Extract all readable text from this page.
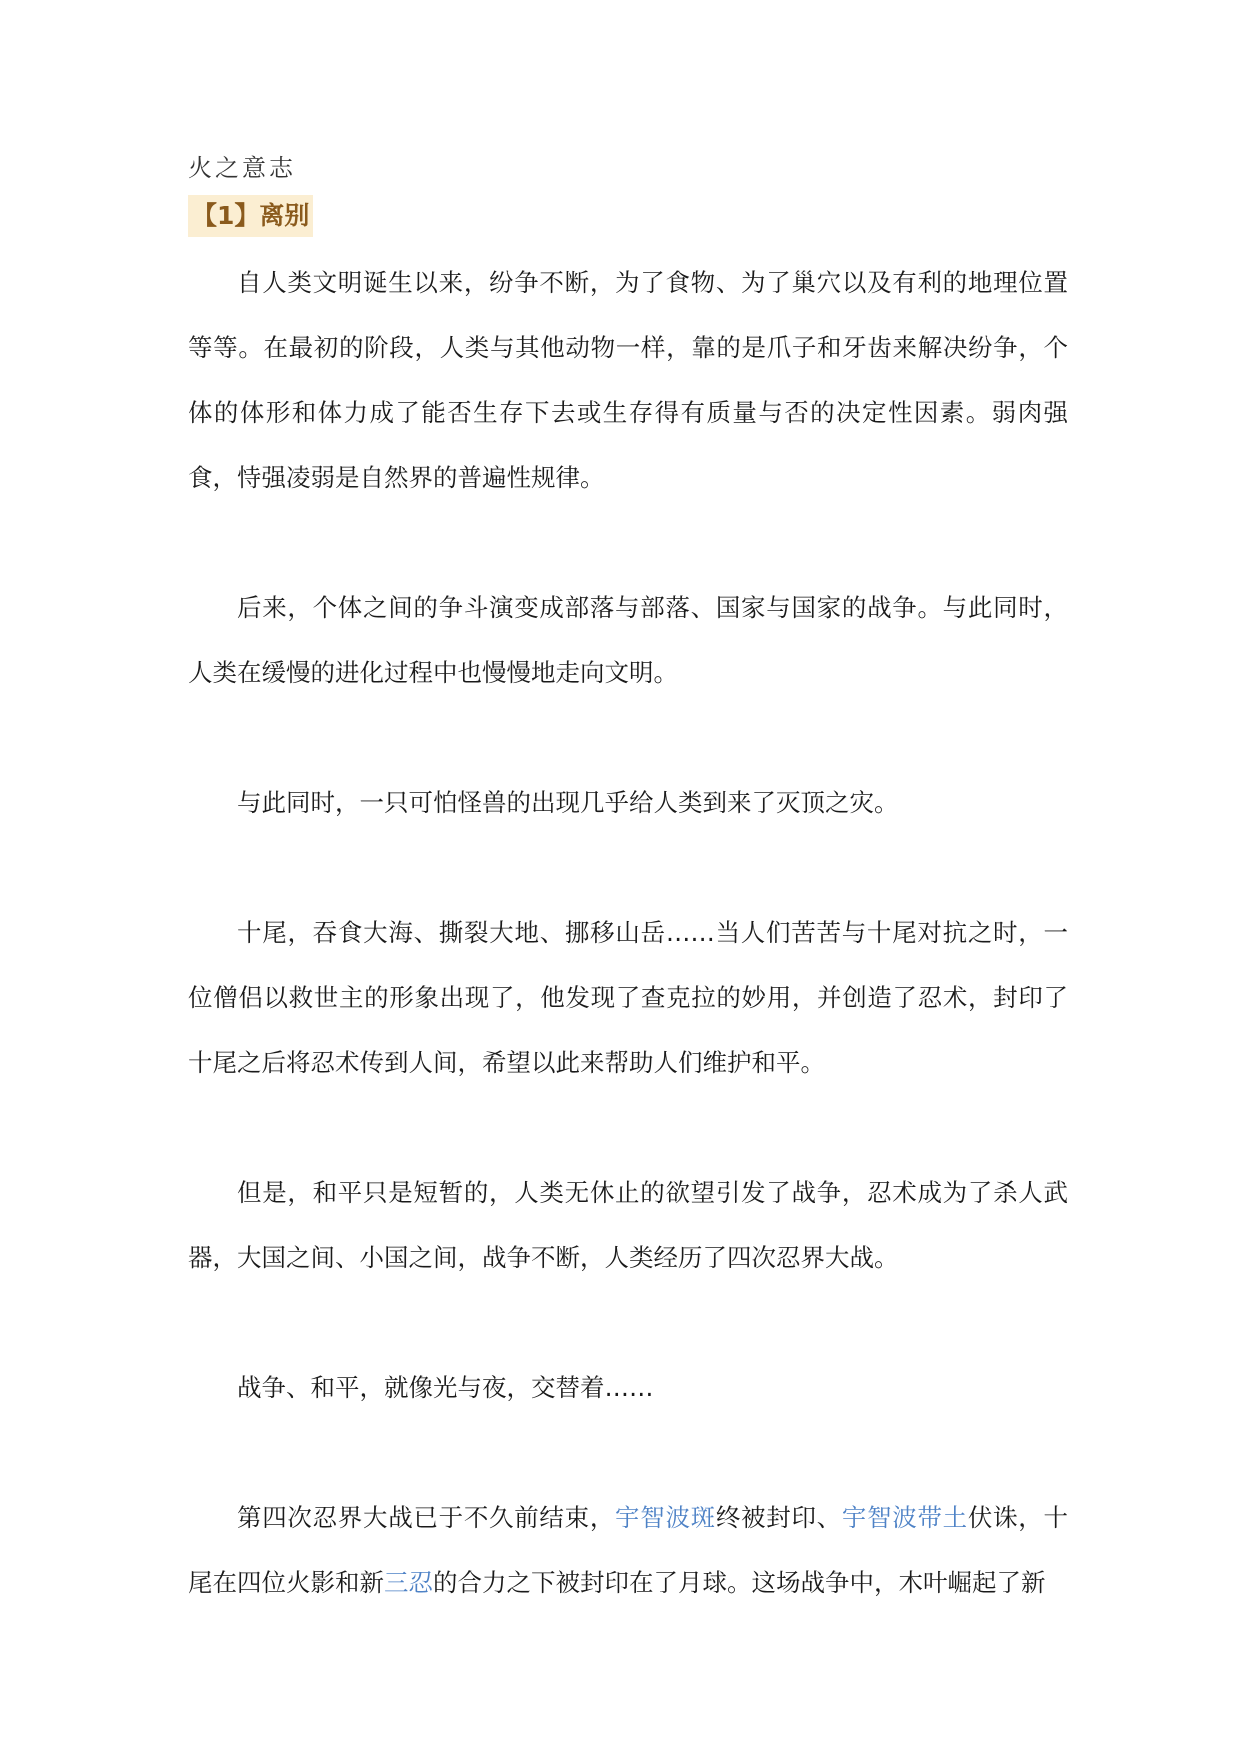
火之意志
【1】离别

自人类文明诞生以来，纷争不断，为了食物、为了巢穴以及有利的地理位置等等。在最初的阶段，人类与其他动物一样，靠的是爪子和牙齿来解决纷争，个体的体形和体力成了能否生存下去或生存得有质量与否的决定性因素。弱肉强食，恃强凌弱是自然界的普遍性规律。

后来，个体之间的争斗演变成部落与部落、国家与国家的战争。与此同时，人类在缓慢的进化过程中也慢慢地走向文明。

与此同时，一只可怕怪兽的出现几乎给人类到来了灭顶之灾。

十尾，吞食大海、撕裂大地、挪移山岳……当人们苦苦与十尾对抗之时，一位僧侣以救世主的形象出现了，他发现了查克拉的妙用，并创造了忍术，封印了十尾之后将忍术传到人间，希望以此来帮助人们维护和平。

但是，和平只是短暂的，人类无休止的欲望引发了战争，忍术成为了杀人武器，大国之间、小国之间，战争不断，人类经历了四次忍界大战。

战争、和平，就像光与夜，交替着……

第四次忍界大战已于不久前结束，宇智波斑终被封印、宇智波带土伏诛，十尾在四位火影和新三忍的合力之下被封印在了月球。这场战争中，木叶崛起了新
